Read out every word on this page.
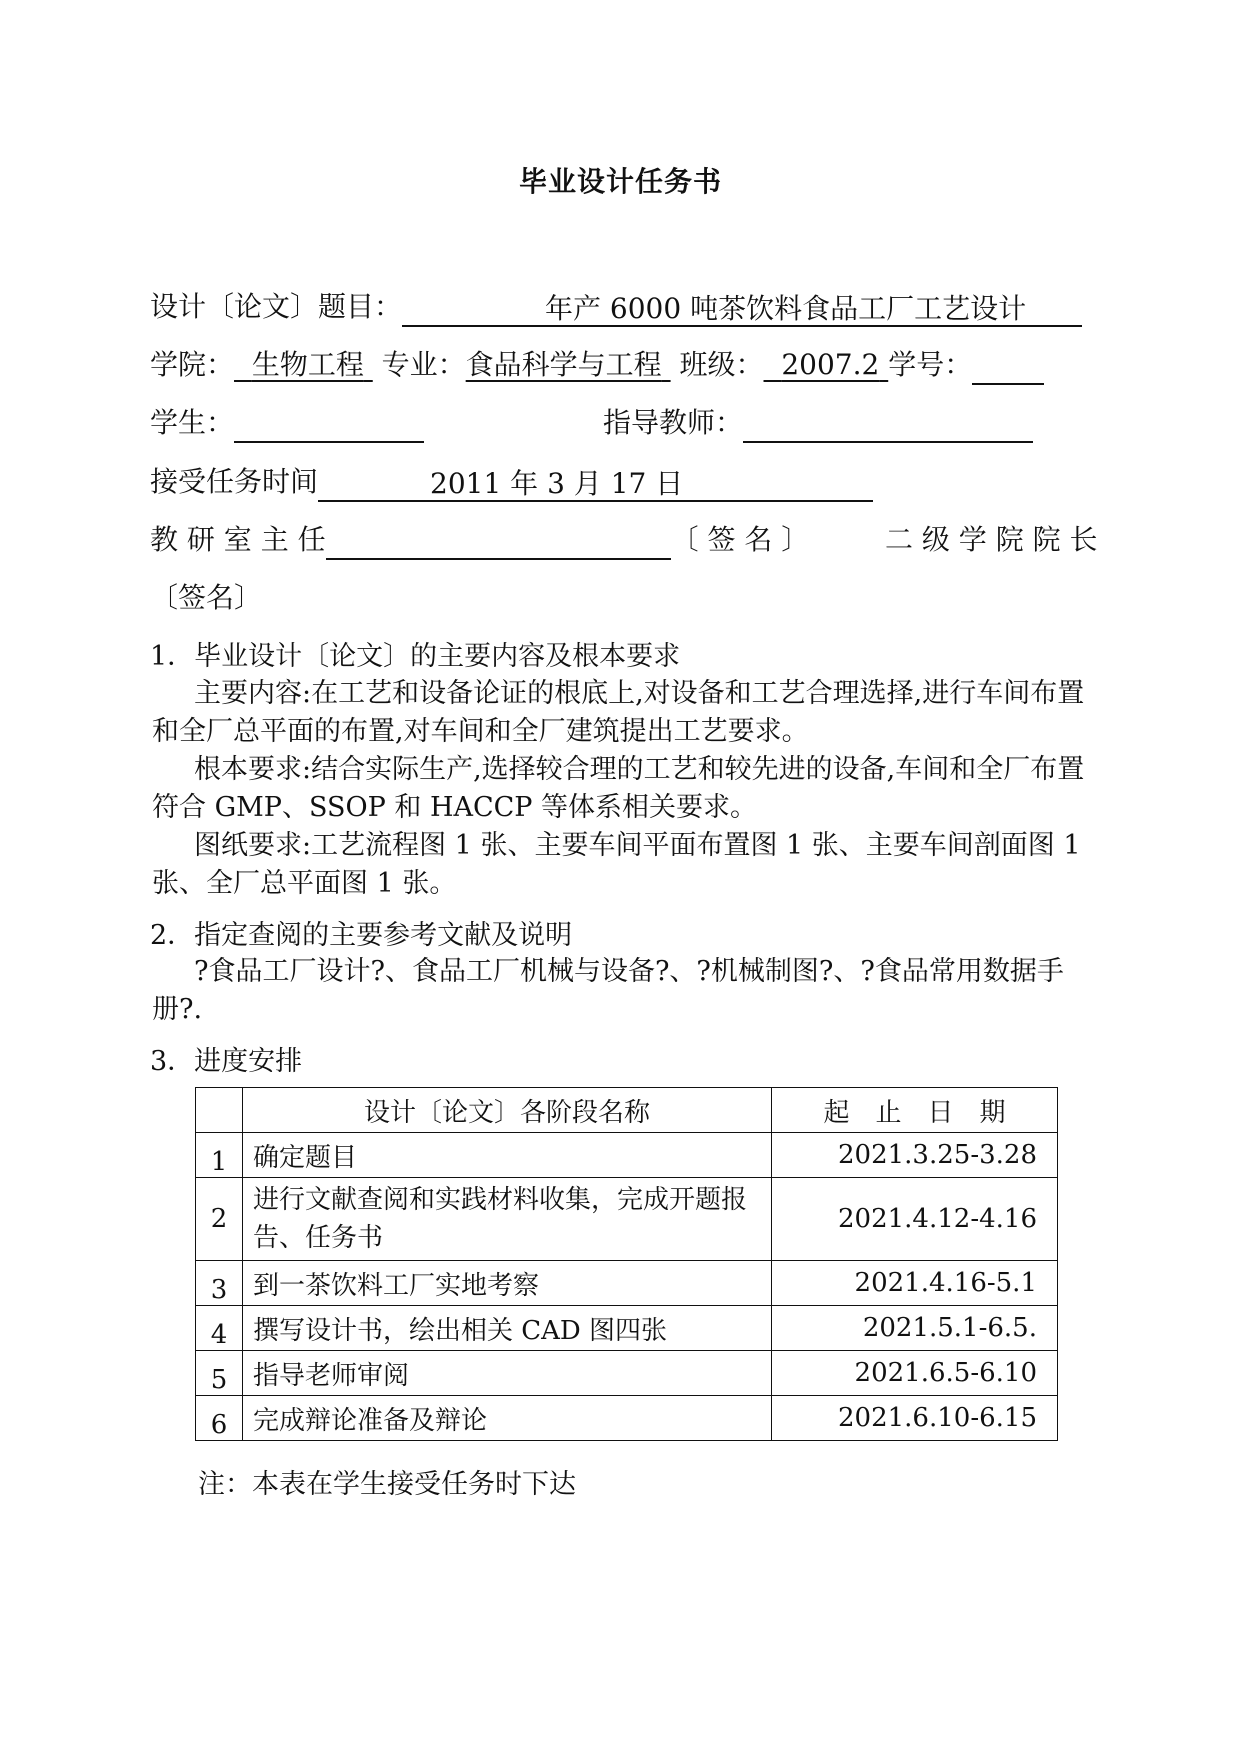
毕业设计任务书
设计〔论文〕题目：	年产 6000 吨茶饮料食品工厂工艺设计
学院： 生物工程 专业：食品科学与工程 班级： 2007.2 学号：
学生：	指导教师：
接受任务时间	2011 年 3 月 17 日
教 研 室 主 任	〔 签 名 〕	二 级 学 院 院 长
〔签名〕
1．毕业设计〔论文〕的主要内容及根本要求
主要内容:在工艺和设备论证的根底上,对设备和工艺合理选择,进行车间布置和全厂总平面的布置,对车间和全厂建筑提出工艺要求。
根本要求:结合实际生产,选择较合理的工艺和较先进的设备,车间和全厂布置符合 GMP、SSOP 和 HACCP 等体系相关要求。
图纸要求:工艺流程图 1 张、主要车间平面布置图 1 张、主要车间剖面图 1 张、全厂总平面图 1 张。
2．指定查阅的主要参考文献及说明
?食品工厂设计?、食品工厂机械与设备?、?机械制图?、?食品常用数据手册?.
3．进度安排
	设计〔论文〕各阶段名称	起　止　日　期
1	确定题目	2021.3.25-3.28
2	进行文献查阅和实践材料收集，完成开题报告、任务书	2021.4.12-4.16
3	到一茶饮料工厂实地考察	2021.4.16-5.1
4	撰写设计书，绘出相关 CAD 图四张	2021.5.1-6.5.
5	指导老师审阅	2021.6.5-6.10
6	完成辩论准备及辩论	2021.6.10-6.15
注：本表在学生接受任务时下达
